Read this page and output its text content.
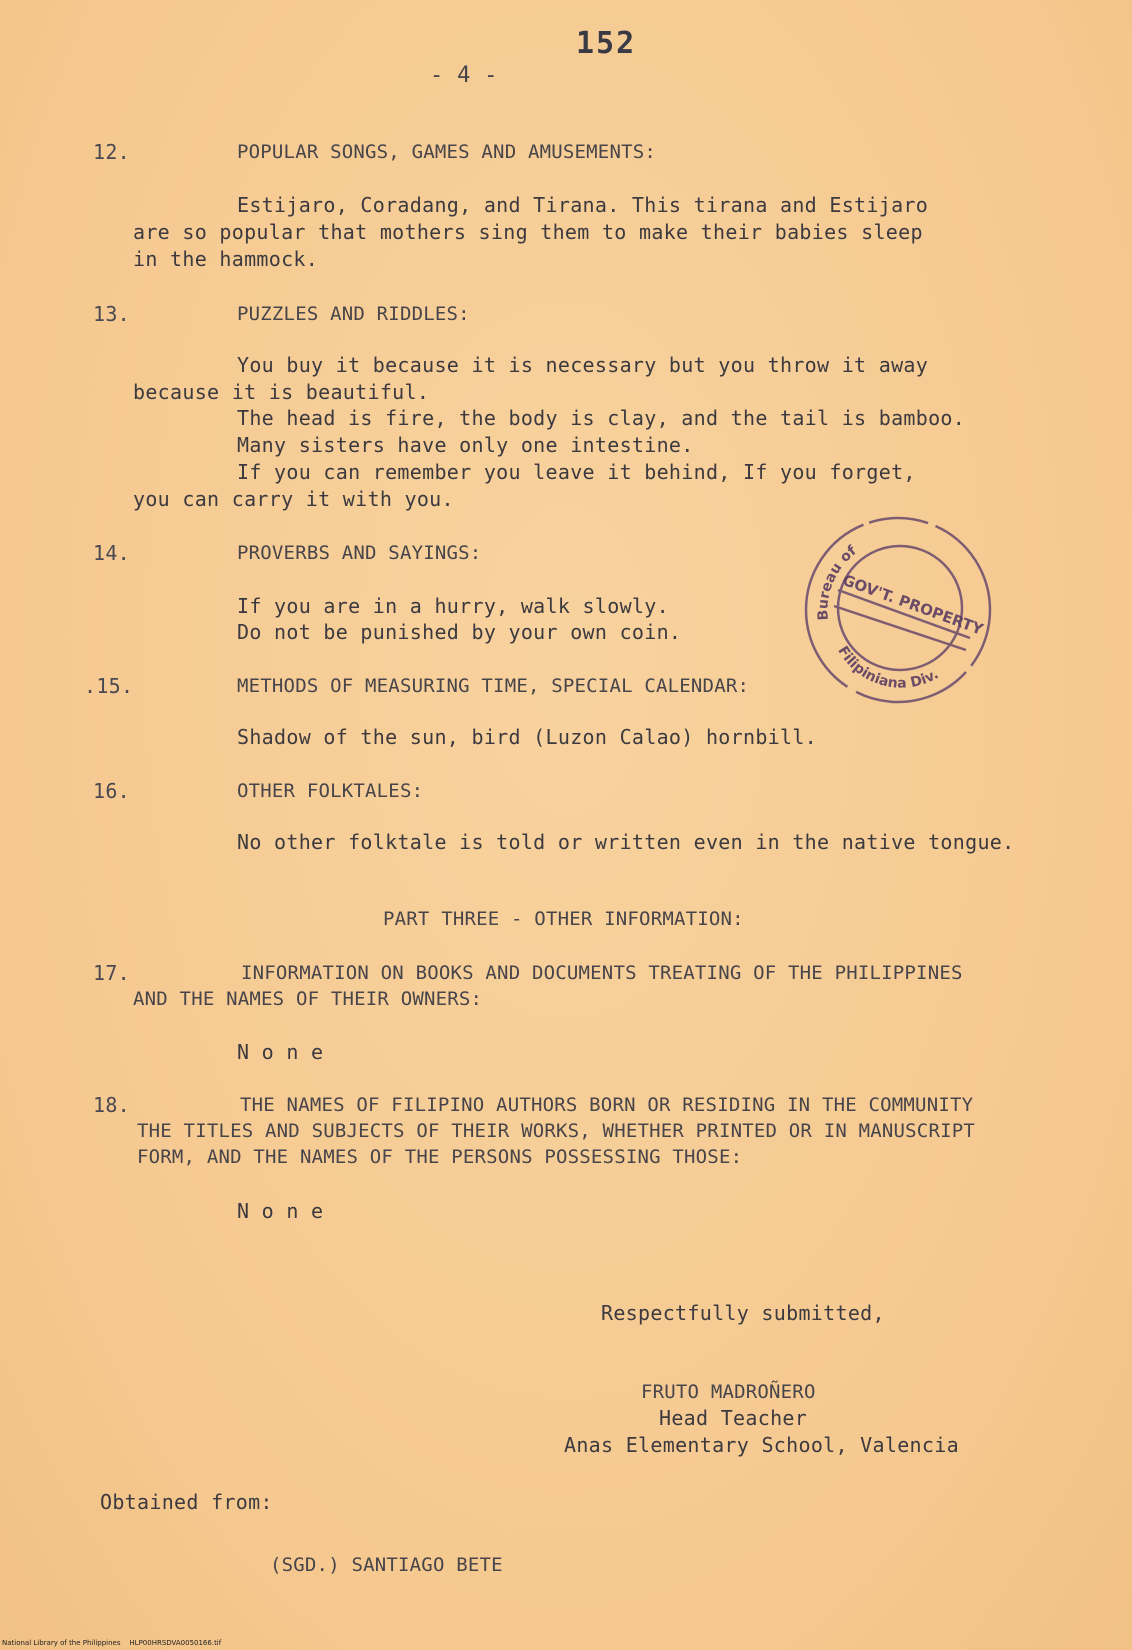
152
- 4 -
12.	POPULAR SONGS, GAMES AND AMUSEMENTS:
Estijaro, Coradang, and Tirana. This tirana and Estijaro
are so popular that mothers sing them to make their babies sleep
in the hammock.
13.	PUZZLES AND RIDDLES:
You buy it because it is necessary but you throw it away
because it is beautiful.
The head is fire, the body is clay, and the tail is bamboo.
Many sisters have only one intestine.
If you can remember you leave it behind, If you forget,
you can carry it with you.
14.	PROVERBS AND SAYINGS:
If you are in a hurry, walk slowly.
Do not be punished by your own coin.
.15.	METHODS OF MEASURING TIME, SPECIAL CALENDAR:
Shadow of the sun, bird (Luzon Calao) hornbill.
16.	OTHER FOLKTALES:
No other folktale is told or written even in the native tongue.
PART THREE - OTHER INFORMATION:
17.	INFORMATION ON BOOKS AND DOCUMENTS TREATING OF THE PHILIPPINES
AND THE NAMES OF THEIR OWNERS:
N o n e
18.	THE NAMES OF FILIPINO AUTHORS BORN OR RESIDING IN THE COMMUNITY
THE TITLES AND SUBJECTS OF THEIR WORKS, WHETHER PRINTED OR IN MANUSCRIPT
FORM, AND THE NAMES OF THE PERSONS POSSESSING THOSE:
N o n e
Respectfully submitted,
FRUTO MADROÑERO
Head Teacher
Anas Elementary School, Valencia
Obtained from:
(SGD.) SANTIAGO BETE
Bureau of
GOV'T. PROPERTY
Filipiniana Div.
National Library of the Philippines HLP00HRSDVA0050166.tif
